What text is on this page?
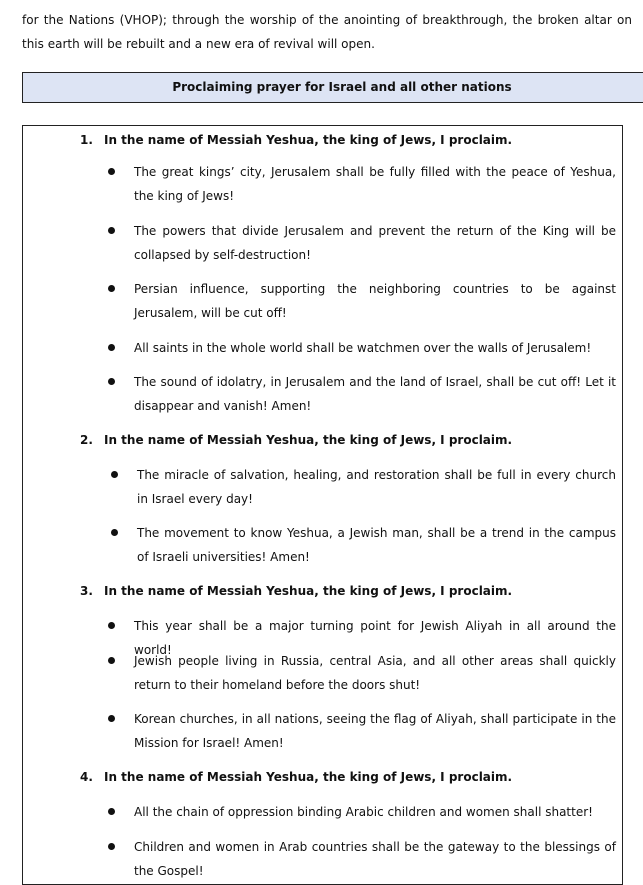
for the Nations (VHOP); through the worship of the anointing of breakthrough, the broken altar on this earth will be rebuilt and a new era of revival will open.
Proclaiming prayer for Israel and all other nations
1. In the name of Messiah Yeshua, the king of Jews, I proclaim.
The great kings’ city, Jerusalem shall be fully filled with the peace of Yeshua, the king of Jews!
The powers that divide Jerusalem and prevent the return of the King will be collapsed by self-destruction!
Persian influence, supporting the neighboring countries to be against Jerusalem, will be cut off!
All saints in the whole world shall be watchmen over the walls of Jerusalem!
The sound of idolatry, in Jerusalem and the land of Israel, shall be cut off! Let it disappear and vanish! Amen!
2. In the name of Messiah Yeshua, the king of Jews, I proclaim.
The miracle of salvation, healing, and restoration shall be full in every church in Israel every day!
The movement to know Yeshua, a Jewish man, shall be a trend in the campus of Israeli universities! Amen!
3. In the name of Messiah Yeshua, the king of Jews, I proclaim.
This year shall be a major turning point for Jewish Aliyah in all around the world!
Jewish people living in Russia, central Asia, and all other areas shall quickly return to their homeland before the doors shut!
Korean churches, in all nations, seeing the flag of Aliyah, shall participate in the Mission for Israel! Amen!
4. In the name of Messiah Yeshua, the king of Jews, I proclaim.
All the chain of oppression binding Arabic children and women shall shatter!
Children and women in Arab countries shall be the gateway to the blessings of the Gospel!
